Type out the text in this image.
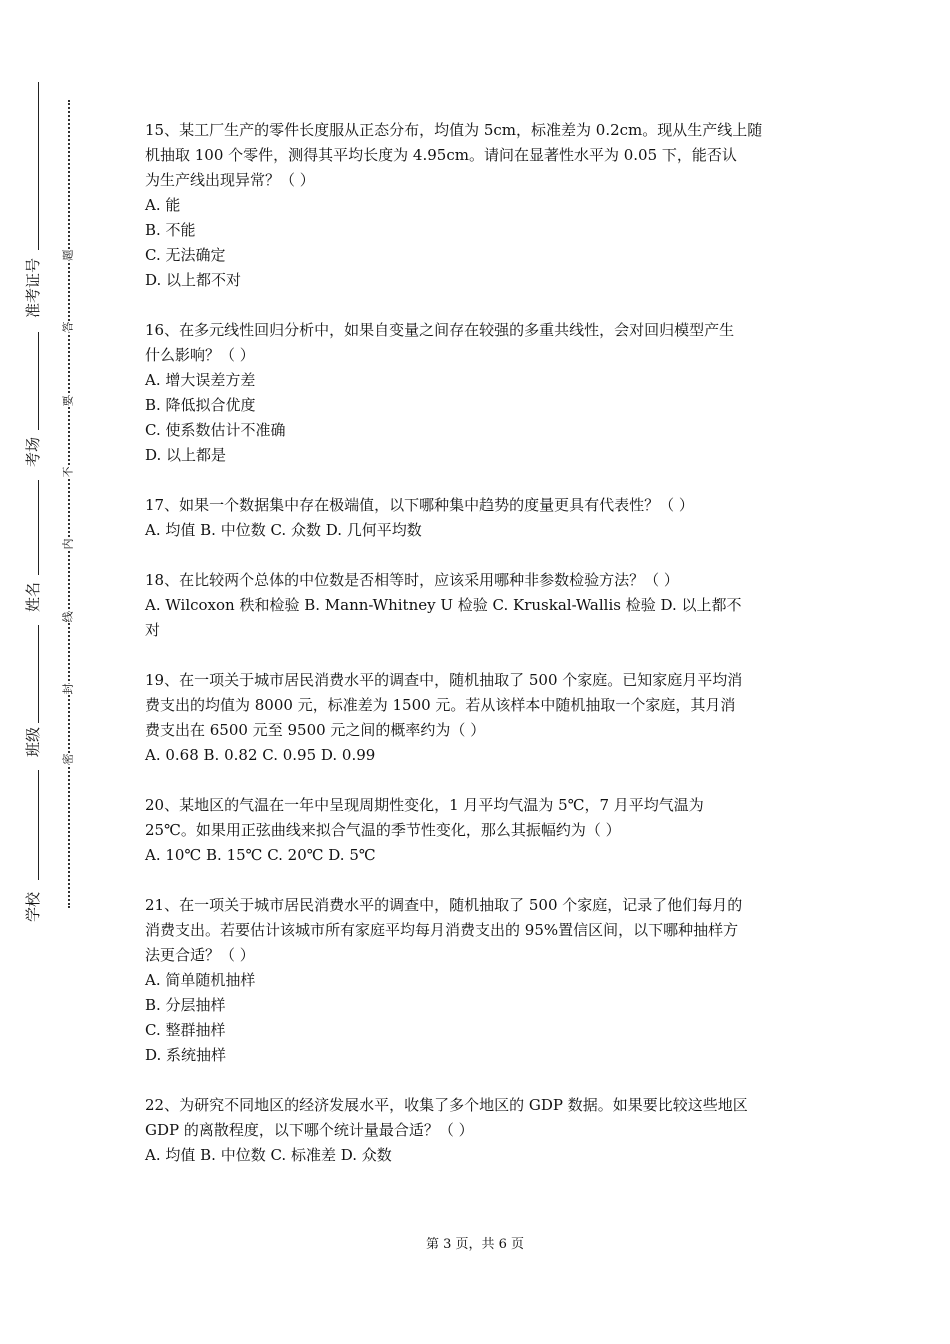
准考证号
考场
姓名
班级
学校
题
答
要
不
内
线
封
密

15、某工厂生产的零件长度服从正态分布，均值为 5cm，标准差为 0.2cm。现从生产线上随

机抽取 100 个零件，测得其平均长度为 4.95cm。请问在显著性水平为 0.05 下，能否认

为生产线出现异常？（ ）

A. 能

B. 不能

C. 无法确定

D. 以上都不对

16、在多元线性回归分析中，如果自变量之间存在较强的多重共线性，会对回归模型产生

什么影响？（ ）

A. 增大误差方差

B. 降低拟合优度

C. 使系数估计不准确

D. 以上都是

17、如果一个数据集中存在极端值，以下哪种集中趋势的度量更具有代表性？（ ）

A. 均值 B. 中位数 C. 众数 D. 几何平均数

18、在比较两个总体的中位数是否相等时，应该采用哪种非参数检验方法？（ ）

A. Wilcoxon 秩和检验 B. Mann-Whitney U 检验 C. Kruskal-Wallis 检验 D. 以上都不

对

19、在一项关于城市居民消费水平的调查中，随机抽取了 500 个家庭。已知家庭月平均消

费支出的均值为 8000 元，标准差为 1500 元。若从该样本中随机抽取一个家庭，其月消

费支出在 6500 元至 9500 元之间的概率约为（ ）

A. 0.68 B. 0.82 C. 0.95 D. 0.99

20、某地区的气温在一年中呈现周期性变化，1 月平均气温为 5℃，7 月平均气温为

25℃。如果用正弦曲线来拟合气温的季节性变化，那么其振幅约为（ ）

A. 10℃ B. 15℃ C. 20℃ D. 5℃

21、在一项关于城市居民消费水平的调查中，随机抽取了 500 个家庭，记录了他们每月的

消费支出。若要估计该城市所有家庭平均每月消费支出的 95%置信区间，以下哪种抽样方

法更合适？（ ）

A. 简单随机抽样

B. 分层抽样

C. 整群抽样

D. 系统抽样

22、为研究不同地区的经济发展水平，收集了多个地区的 GDP 数据。如果要比较这些地区

GDP 的离散程度，以下哪个统计量最合适？（ ）

A. 均值 B. 中位数 C. 标准差 D. 众数

第 3 页，共 6 页
